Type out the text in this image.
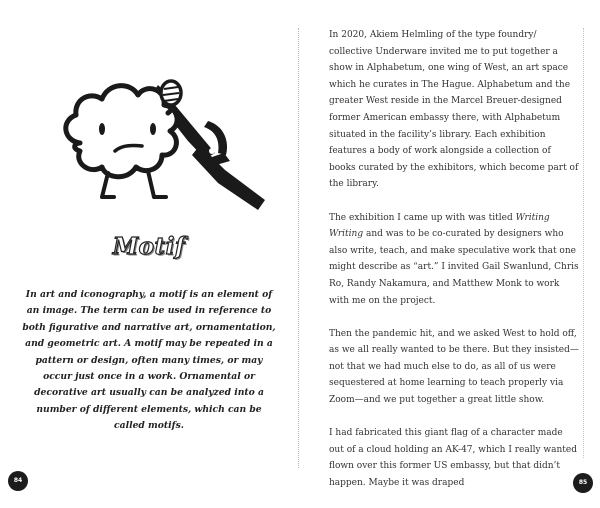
Motif

In art and iconography, a motif is an element of an image. The term can be used in reference to both figurative and narrative art, ornamentation, and geometric art. A motif may be repeated in a pattern or design, often many times, or may occur just once in a work. Ornamental or decorative art usually can be analyzed into a number of different elements, which can be called motifs.

84	85

In 2020, Akiem Helmling of the type foundry/ collective Underware invited me to put together a show in Alphabetum, one wing of West, an art space which he curates in The Hague. Alphabetum and the greater West reside in the Marcel Breuer-designed former American embassy there, with Alphabetum situated in the facility’s library. Each exhibition features a body of work alongside a collection of books curated by the exhibitors, which become part of the library.

The exhibition I came up with was titled Writing Writing and was to be co-curated by designers who also write, teach, and make speculative work that one might describe as “art.” I invited Gail Swanlund, Chris Ro, Randy Nakamura, and Matthew Monk to work with me on the project.

Then the pandemic hit, and we asked West to hold off, as we all really wanted to be there. But they insisted—not that we had much else to do, as all of us were sequestered at home learning to teach properly via Zoom—and we put together a great little show.

I had fabricated this giant flag of a character made out of a cloud holding an AK-47, which I really wanted flown over this former US embassy, but that didn’t happen. Maybe it was draped
